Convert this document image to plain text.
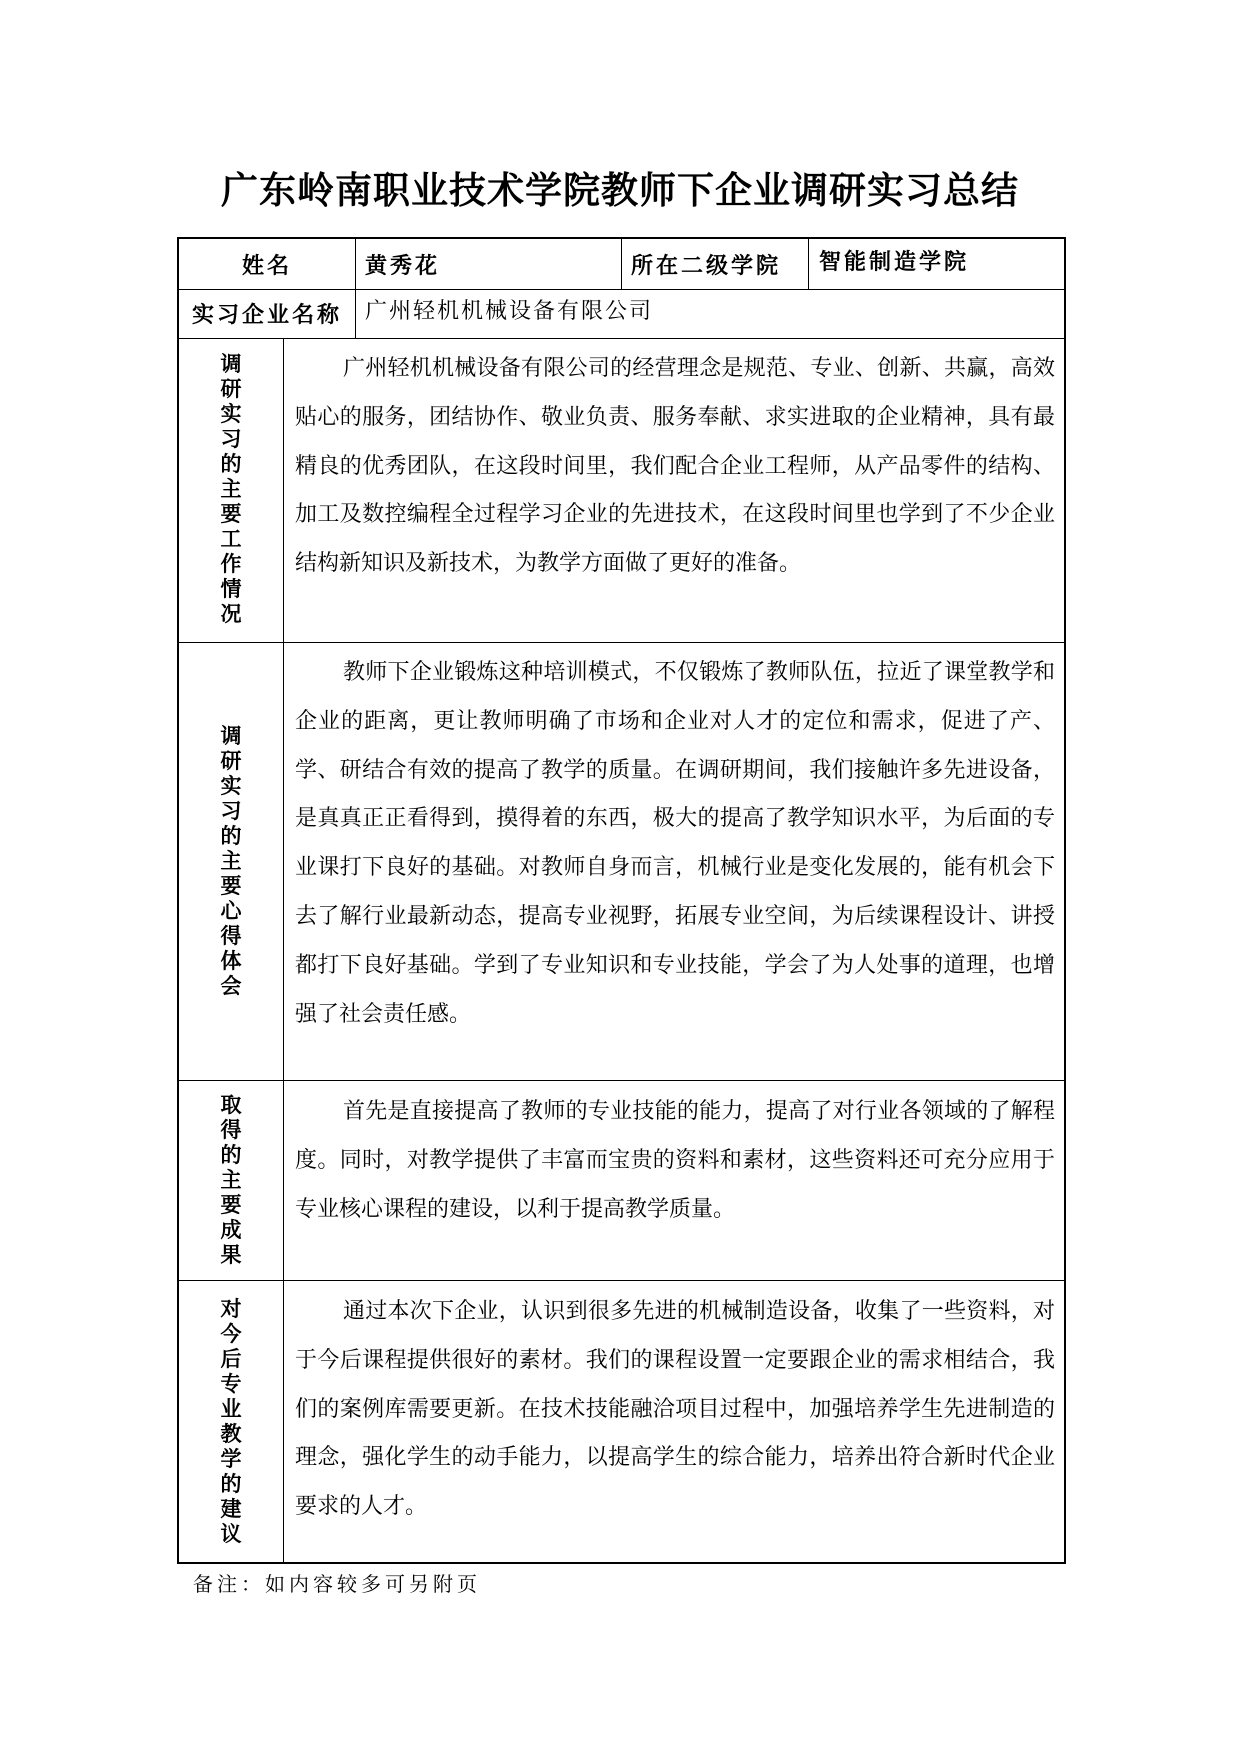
广东岭南职业技术学院教师下企业调研实习总结
姓名	黄秀花	所在二级学院 智能制造学院
实习企业名称	广州轻机机械设备有限公司
调研实习的主要工作情况

广州轻机机械设备有限公司的经营理念是规范、专业、创新、共赢，高效贴心的服务，团结协作、敬业负责、服务奉献、求实进取的企业精神，具有最精良的优秀团队，在这段时间里，我们配合企业工程师，从产品零件的结构、加工及数控编程全过程学习企业的先进技术，在这段时间里也学到了不少企业结构新知识及新技术，为教学方面做了更好的准备。

调研实习的主要心得体会

教师下企业锻炼这种培训模式，不仅锻炼了教师队伍，拉近了课堂教学和企业的距离，更让教师明确了市场和企业对人才的定位和需求，促进了产、学、研结合有效的提高了教学的质量。在调研期间，我们接触许多先进设备，是真真正正看得到，摸得着的东西，极大的提高了教学知识水平，为后面的专业课打下良好的基础。对教师自身而言，机械行业是变化发展的，能有机会下去了解行业最新动态，提高专业视野，拓展专业空间，为后续课程设计、讲授都打下良好基础。学到了专业知识和专业技能，学会了为人处事的道理，也增强了社会责任感。

取得的主要成果

首先是直接提高了教师的专业技能的能力，提高了对行业各领域的了解程度。同时，对教学提供了丰富而宝贵的资料和素材，这些资料还可充分应用于专业核心课程的建设，以利于提高教学质量。

对今后专业教学的建议

通过本次下企业，认识到很多先进的机械制造设备，收集了一些资料，对于今后课程提供很好的素材。我们的课程设置一定要跟企业的需求相结合，我们的案例库需要更新。在技术技能融洽项目过程中，加强培养学生先进制造的理念，强化学生的动手能力，以提高学生的综合能力，培养出符合新时代企业要求的人才。

备注：如内容较多可另附页
